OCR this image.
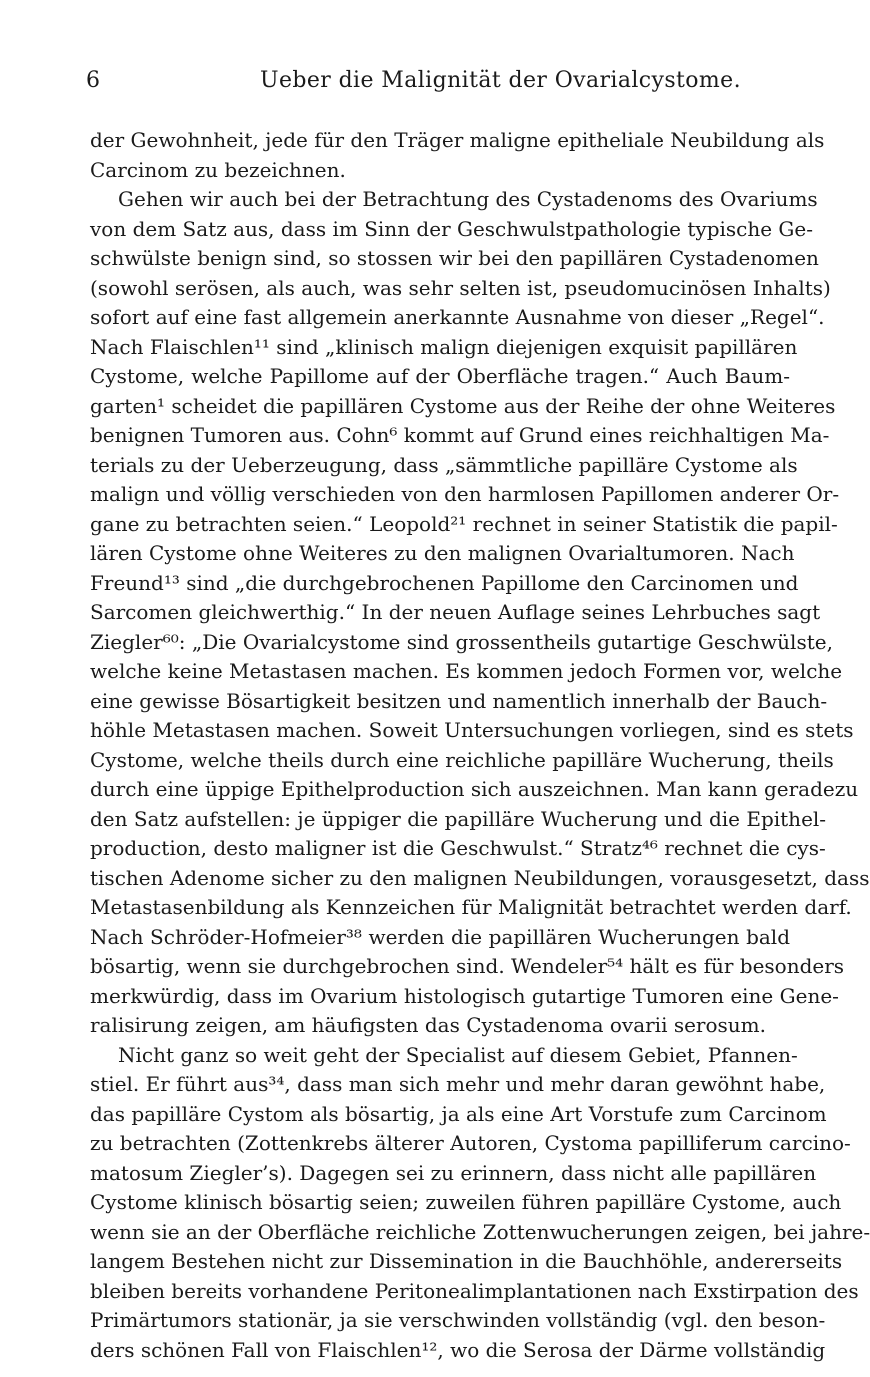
6	Ueber die Malignität der Ovarialcystome.
der Gewohnheit, jede für den Träger maligne epitheliale Neubildung als
Carcinom zu bezeichnen.
Gehen wir auch bei der Betrachtung des Cystadenoms des Ovariums
von dem Satz aus, dass im Sinn der Geschwulstpathologie typische Ge-
schwülste benign sind, so stossen wir bei den papillären Cystadenomen
(sowohl serösen, als auch, was sehr selten ist, pseudomucinösen Inhalts)
sofort auf eine fast allgemein anerkannte Ausnahme von dieser „Regel“.
Nach Flaischlen¹¹ sind „klinisch malign diejenigen exquisit papillären
Cystome, welche Papillome auf der Oberfläche tragen.“ Auch Baum-
garten¹ scheidet die papillären Cystome aus der Reihe der ohne Weiteres
benignen Tumoren aus. Cohn⁶ kommt auf Grund eines reichhaltigen Ma-
terials zu der Ueberzeugung, dass „sämmtliche papilläre Cystome als
malign und völlig verschieden von den harmlosen Papillomen anderer Or-
gane zu betrachten seien.“ Leopold²¹ rechnet in seiner Statistik die papil-
lären Cystome ohne Weiteres zu den malignen Ovarialtumoren. Nach
Freund¹³ sind „die durchgebrochenen Papillome den Carcinomen und
Sarcomen gleichwerthig.“ In der neuen Auflage seines Lehrbuches sagt
Ziegler⁶⁰: „Die Ovarialcystome sind grossentheils gutartige Geschwülste,
welche keine Metastasen machen. Es kommen jedoch Formen vor, welche
eine gewisse Bösartigkeit besitzen und namentlich innerhalb der Bauch-
höhle Metastasen machen. Soweit Untersuchungen vorliegen, sind es stets
Cystome, welche theils durch eine reichliche papilläre Wucherung, theils
durch eine üppige Epithelproduction sich auszeichnen. Man kann geradezu
den Satz aufstellen: je üppiger die papilläre Wucherung und die Epithel-
production, desto maligner ist die Geschwulst.“ Stratz⁴⁶ rechnet die cys-
tischen Adenome sicher zu den malignen Neubildungen, vorausgesetzt, dass
Metastasenbildung als Kennzeichen für Malignität betrachtet werden darf.
Nach Schröder-Hofmeier³⁸ werden die papillären Wucherungen bald
bösartig, wenn sie durchgebrochen sind. Wendeler⁵⁴ hält es für besonders
merkwürdig, dass im Ovarium histologisch gutartige Tumoren eine Gene-
ralisirung zeigen, am häufigsten das Cystadenoma ovarii serosum.
Nicht ganz so weit geht der Specialist auf diesem Gebiet, Pfannen-
stiel. Er führt aus³⁴, dass man sich mehr und mehr daran gewöhnt habe,
das papilläre Cystom als bösartig, ja als eine Art Vorstufe zum Carcinom
zu betrachten (Zottenkrebs älterer Autoren, Cystoma papilliferum carcino-
matosum Ziegler’s). Dagegen sei zu erinnern, dass nicht alle papillären
Cystome klinisch bösartig seien; zuweilen führen papilläre Cystome, auch
wenn sie an der Oberfläche reichliche Zottenwucherungen zeigen, bei jahre-
langem Bestehen nicht zur Dissemination in die Bauchhöhle, andererseits
bleiben bereits vorhandene Peritonealimplantationen nach Exstirpation des
Primärtumors stationär, ja sie verschwinden vollständig (vgl. den beson-
ders schönen Fall von Flaischlen¹², wo die Serosa der Därme vollständig
